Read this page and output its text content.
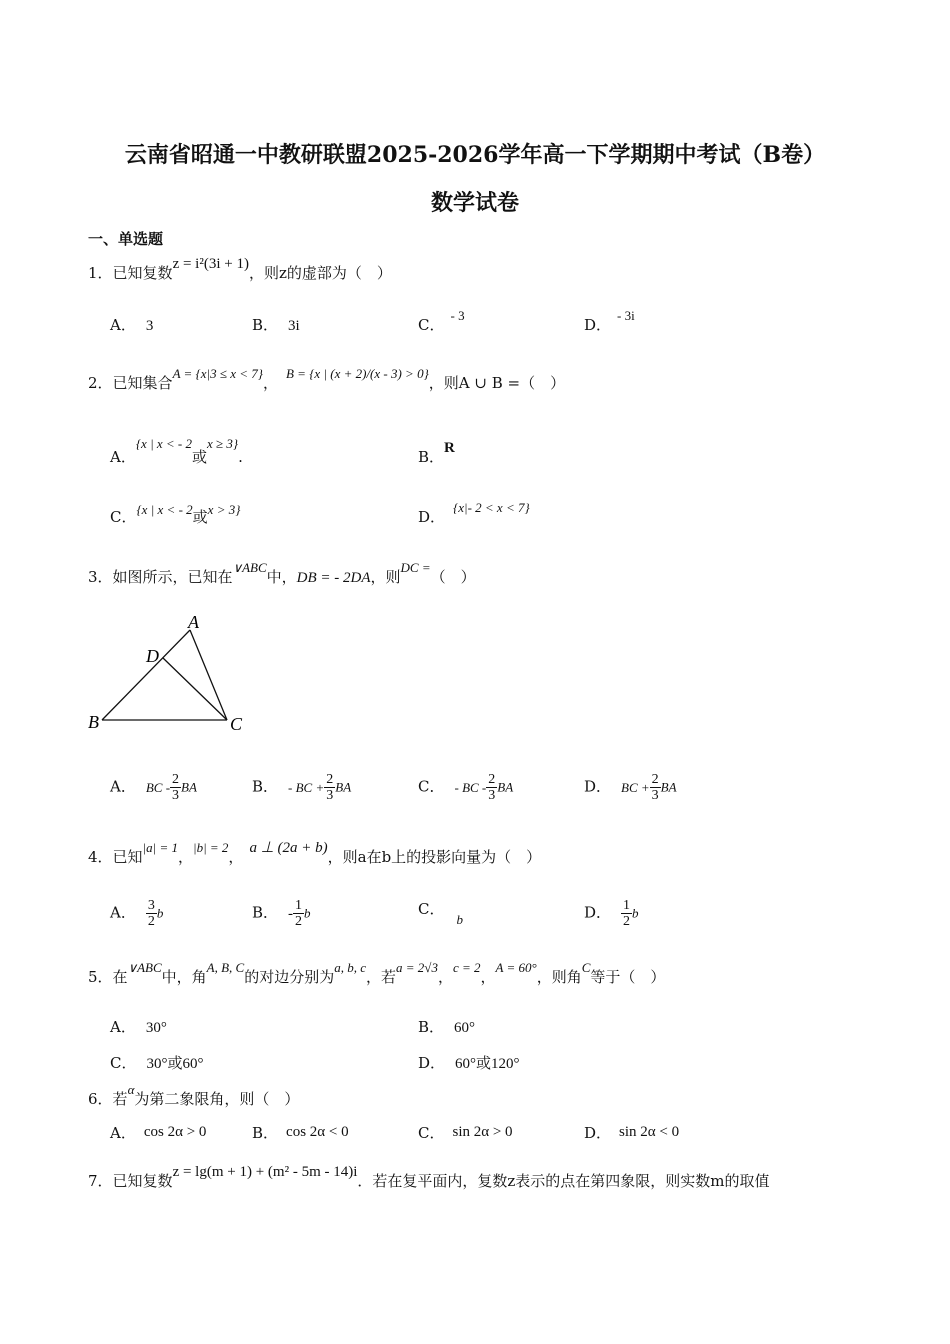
云南省昭通一中教研联盟2025-2026学年高一下学期期中考试（B卷）
数学试卷
一、单选题
1．已知复数z = i²(3i + 1)，则z的虚部为（　）
A． 3	B． 3i	C．- 3
D．- 3i
2．已知集合A = {x|3 ≤ x < 7}，B = {x | (x + 2)/(x - 3) > 0}，则A ∪ B =（　）
A．{x | x < - 2或x ≥ 3}.	B．R
C．{x | x < - 2或x > 3}	D．{x|- 2 < x < 7}
3．如图所示，已知在∨ABC中，DB = - 2DA，则DC =（　）
A
D
B	C
A． BC - $\frac{2}{3}$ BA	B． - BC + $\frac{2}{3}$ BA	C． - BC - $\frac{2}{3}$ BA	D． BC + $\frac{2}{3}$ BA
4．已知|a| = 1，|b| = 2， a ⊥ (2a + b)，则a在b上的投影向量为（　）
A． $\frac{3}{2}$ b	B． - $\frac{1}{2}$ b	C．b	D． $\frac{1}{2}$ b
5．在∨ABC中，角A, B, C的对边分别为a, b, c，若a = 2√3，c = 2，A = 60°，则角C等于（　）
A． 30°	B． 60°
C． 30°或60°	D． 60°或120°
6．若α为第二象限角，则（　）
A． cos 2α > 0	B． cos 2α < 0	C． sin 2α > 0	D． sin 2α < 0
7．已知复数z = lg(m + 1) + (m² - 5m - 14)i．若在复平面内，复数z表示的点在第四象限，则实数m的取值
